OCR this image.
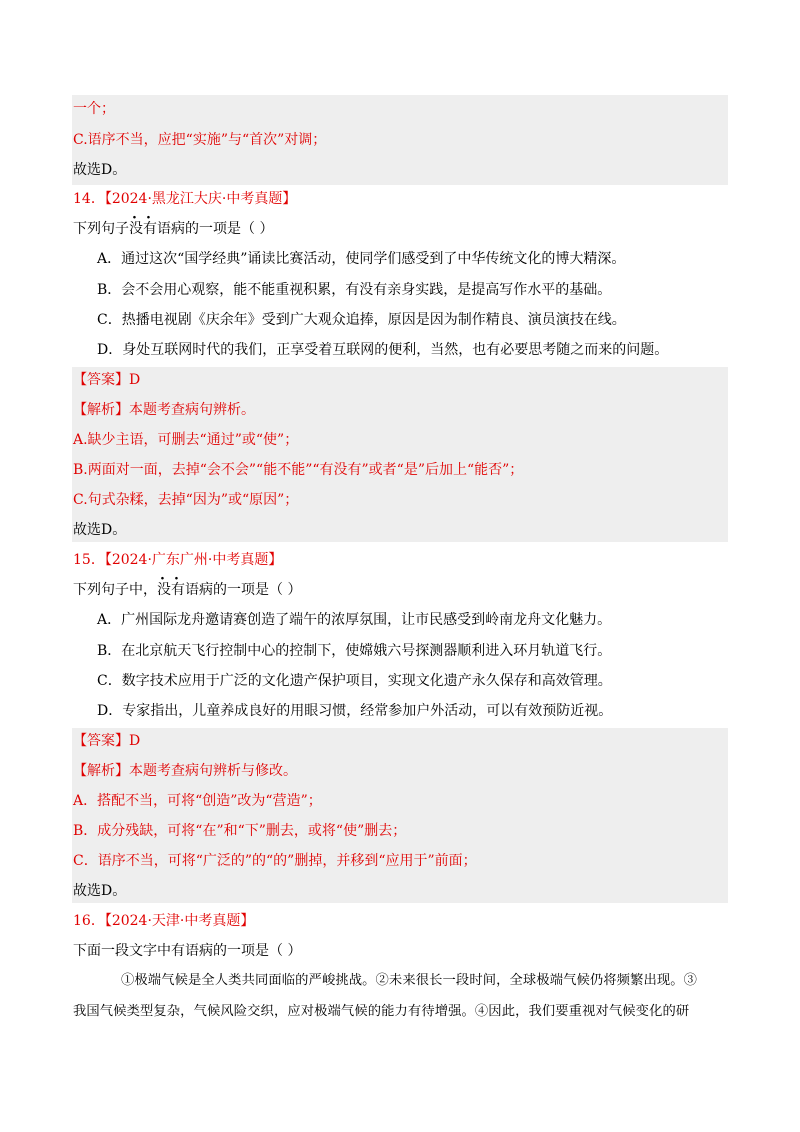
一个；
C.语序不当，应把“实施”与“首次”对调；
故选D。
14．【2024·黑龙江大庆·中考真题】
下列句子没有语病的一项是（ ）
A．通过这次“国学经典”诵读比赛活动，使同学们感受到了中华传统文化的博大精深。
B．会不会用心观察，能不能重视积累，有没有亲身实践，是提高写作水平的基础。
C．热播电视剧《庆余年》受到广大观众追捧，原因是因为制作精良、演员演技在线。
D．身处互联网时代的我们，正享受着互联网的便利，当然，也有必要思考随之而来的问题。
【答案】D
【解析】本题考查病句辨析。
A.缺少主语，可删去“通过”或“使”；
B.两面对一面，去掉“会不会”“能不能”“有没有”或者“是”后加上“能否”；
C.句式杂糅，去掉“因为”或“原因”；
故选D。
15．【2024·广东广州·中考真题】
下列句子中，没有语病的一项是（ ）
A．广州国际龙舟邀请赛创造了端午的浓厚氛围，让市民感受到岭南龙舟文化魅力。
B．在北京航天飞行控制中心的控制下，使嫦娥六号探测器顺利进入环月轨道飞行。
C．数字技术应用于广泛的文化遗产保护项目，实现文化遗产永久保存和高效管理。
D．专家指出，儿童养成良好的用眼习惯，经常参加户外活动，可以有效预防近视。
【答案】D
【解析】本题考查病句辨析与修改。
A．搭配不当，可将“创造”改为“营造”；
B．成分残缺，可将“在”和“下”删去，或将“使”删去；
C．语序不当，可将“广泛的”的“的”删掉，并移到“应用于”前面；
故选D。
16．【2024·天津·中考真题】
下面一段文字中有语病的一项是（ ）
①极端气候是全人类共同面临的严峻挑战。②未来很长一段时间，全球极端气候仍将频繁出现。③
我国气候类型复杂，气候风险交织，应对极端气候的能力有待增强。④因此，我们要重视对气候变化的研
